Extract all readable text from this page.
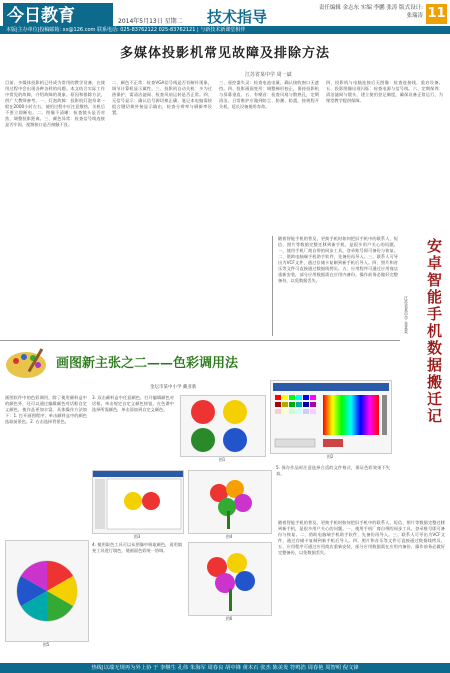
今日教育	2014年5月13日 星期二 技术指导	责任编辑 金志东 实编 李鹏 张涛 版式设计: 张瑞涛 11
本版|主办单位|投稿邮箱: xx@126.com 联系电话: 025-83762122 025-83762121 | 与新技术新课堂相伴
多媒体投影机常见故障及排除方法
江苏省某中学 周一斌
目前，多媒体投影机已经成为常用的教学设备，在使用过程中会出现各种各样的问题。本文结合实际工作中常见的故障，介绍故障的现象、原因和排除方法，供广大教师参考。一、灯泡故障：投影机灯泡寿命一般在2000小时左右，使用过程中应注意散热，关机后不要立即断电。二、图像不清晰：检查镜头是否对焦，调整投影距离。三、颜色异常：检查信号线连接是否牢固，视频接口是否接触不良。
二、颜色不正常：检查VGA信号线是否有断针现象，调节计算机显示属性。三、投影机自动关机：多为过热保护，需清洁滤网、检查风扇运转是否正常。四、无信号显示：确认信号源切换正确，笔记本电脑需按组合键切换外接显示输出，检查分辨率与刷新率设置。
三、遥控器失灵：检查电池电量，确认接收窗口无遮挡。四、投影画面变形：调整梯形校正，保持投影机与屏幕垂直。五、有噪音：检查风扇与散热孔，定期清洁。日常维护应做到防尘、防潮、防震，按规程开关机，延长设备使用寿命。
四、投影机与电脑连接后无图像：检查连接线，重启设备。五、投影图像出现闪烁：检查电源与信号线。六、定期保养：清洁滤网与镜头，建立使用登记制度，确保设备正常运行，为课堂教学提供保障。
画图新主张之二——色彩调用法
金坛市某中小学 戴亚新
画图软件中的色彩调用，除了使用颜料盒中的颜色外，还可以通过编辑颜色对话框自定义颜色，使作品更加丰富。具体操作方法如下：1. 打开画图程序，单击颜料盒中的颜色选取前景色。2. 右击选择背景色。
3. 双击颜料盒中任意颜色，打开编辑颜色对话框，单击规定自定义颜色按钮，在色谱中选择所需颜色，单击添加到自定义颜色。
图1
图2
图3	图4
图5
4. 使用取色工具可以从图像中吸取颜色，再用填充工具进行填色，使画面色彩统一协调。
图6
5. 保存作品时注意选择合适的文件格式，保证色彩效果不失真。
安卓智能手机数据搬迁记
江苏省某中学 张某某
随着智能手机的普及，更换手机时如何把旧手机中的联系人、短信、照片等数据完整迁移到新手机，是很多用户关心的问题。一、使用手机厂商自带的同步工具，登录账号即可备份与恢复。二、借助电脑端手机助手软件，先备份再导入。三、联系人可导出为VCF文件，通过存储卡复制到新手机后导入。四、照片和音乐等文件可直接通过数据线拷贝。五、应用程序可通过应用商店重新安装，部分应用数据需在应用内备份。操作前务必做好完整备份，以免数据丢失。
随着智能手机的普及，更换手机时如何把旧手机中的联系人、短信、照片等数据完整迁移到新手机，是很多用户关心的问题。一、使用手机厂商自带的同步工具，登录账号即可备份与恢复。二、借助电脑端手机助手软件，先备份再导入。三、联系人可导出为VCF文件，通过存储卡复制到新手机后导入。四、照片和音乐等文件可直接通过数据线拷贝。五、应用程序可通过应用商店重新安装，部分应用数据需在应用内备份。操作前务必做好完整备份，以免数据丢失。
热线|以端无规再为外上协 于 李继生 孔伟 朱海军 周春良 胡中锋 黄木石 张杰 陈美发 符鸣浩 周春艳 周智明 倪文锋
